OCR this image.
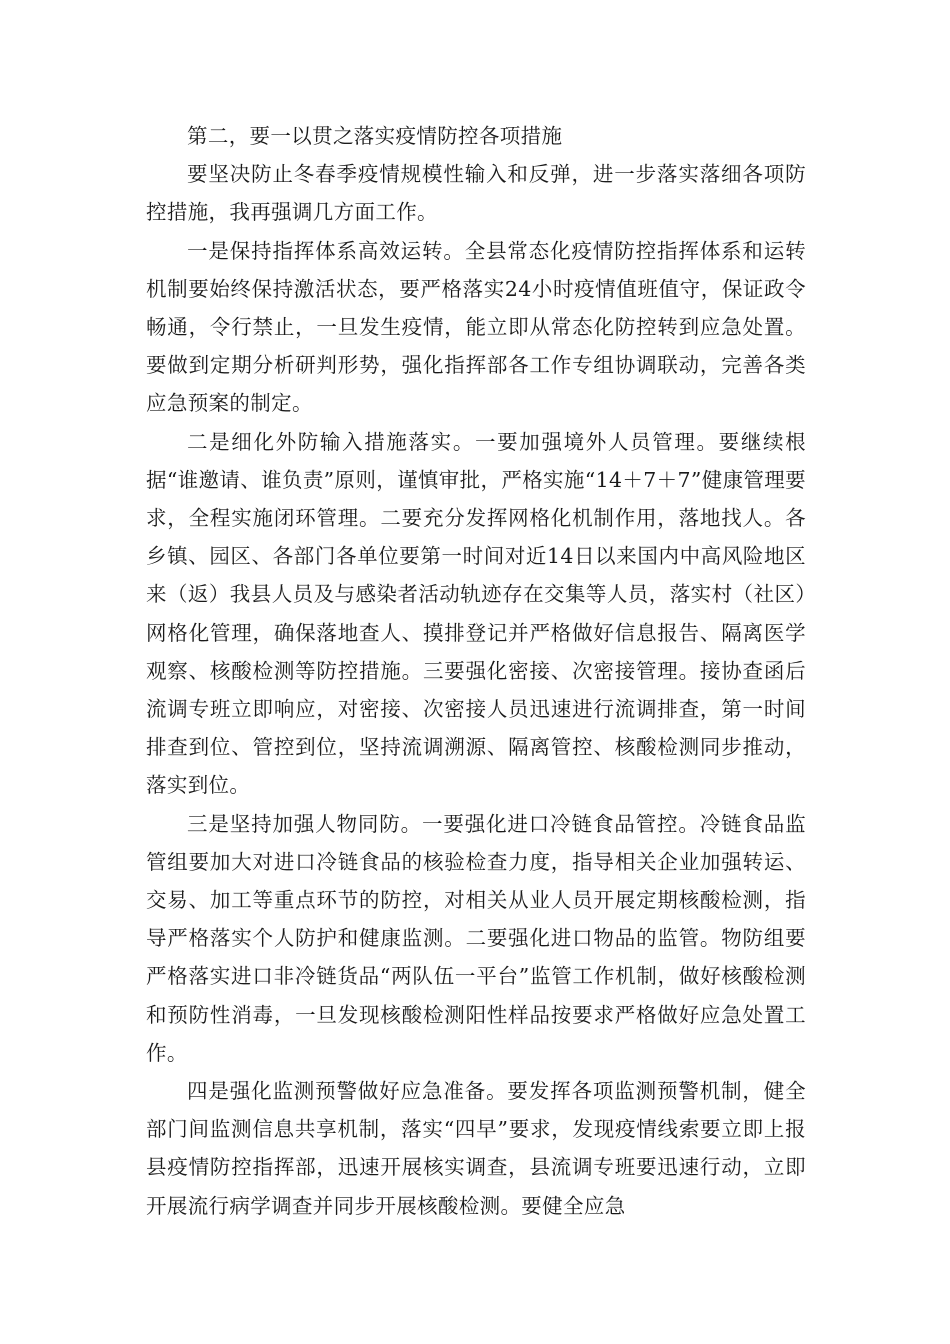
第二，要一以贯之落实疫情防控各项措施

要坚决防止冬春季疫情规模性输入和反弹，进一步落实落细各项防控措施，我再强调几方面工作。

一是保持指挥体系高效运转。全县常态化疫情防控指挥体系和运转机制要始终保持激活状态，要严格落实24小时疫情值班值守，保证政令畅通，令行禁止，一旦发生疫情，能立即从常态化防控转到应急处置。要做到定期分析研判形势，强化指挥部各工作专组协调联动，完善各类应急预案的制定。

二是细化外防输入措施落实。一要加强境外人员管理。要继续根据“谁邀请、谁负责”原则，谨慎审批，严格实施“14＋7＋7”健康管理要求，全程实施闭环管理。二要充分发挥网格化机制作用，落地找人。各乡镇、园区、各部门各单位要第一时间对近14日以来国内中高风险地区来（返）我县人员及与感染者活动轨迹存在交集等人员，落实村（社区）网格化管理，确保落地查人、摸排登记并严格做好信息报告、隔离医学观察、核酸检测等防控措施。三要强化密接、次密接管理。接协查函后流调专班立即响应，对密接、次密接人员迅速进行流调排查，第一时间排查到位、管控到位，坚持流调溯源、隔离管控、核酸检测同步推动，落实到位。

三是坚持加强人物同防。一要强化进口冷链食品管控。冷链食品监管组要加大对进口冷链食品的核验检查力度，指导相关企业加强转运、交易、加工等重点环节的防控，对相关从业人员开展定期核酸检测，指导严格落实个人防护和健康监测。二要强化进口物品的监管。物防组要严格落实进口非冷链货品“两队伍一平台”监管工作机制，做好核酸检测和预防性消毒，一旦发现核酸检测阳性样品按要求严格做好应急处置工作。

四是强化监测预警做好应急准备。要发挥各项监测预警机制，健全部门间监测信息共享机制，落实“四早”要求，发现疫情线索要立即上报县疫情防控指挥部，迅速开展核实调查，县流调专班要迅速行动，立即开展流行病学调查并同步开展核酸检测。要健全应急
